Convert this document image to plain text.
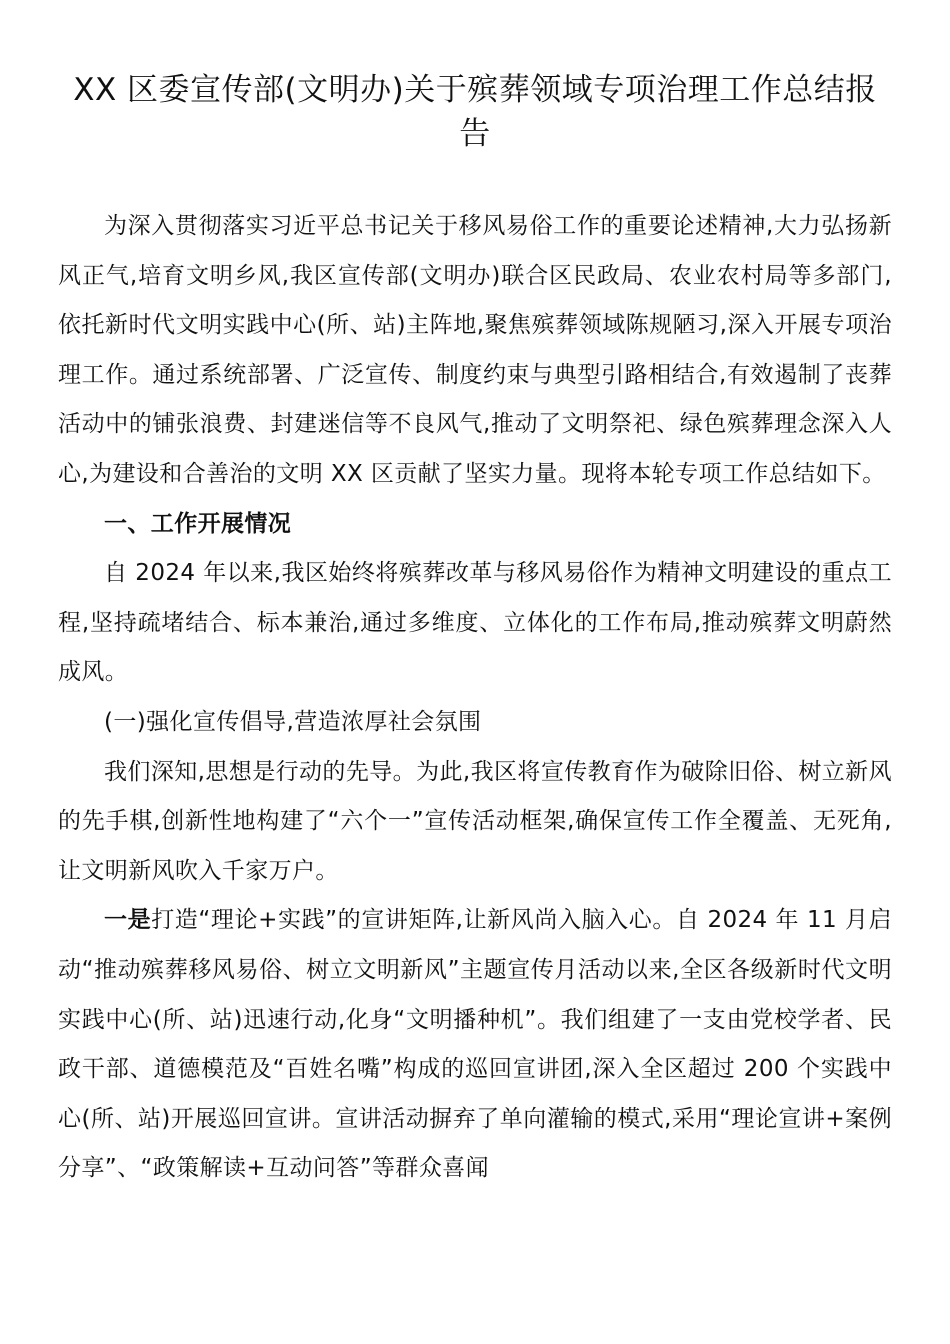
XX 区委宣传部(文明办)关于殡葬领域专项治理工作总结报告

为深入贯彻落实习近平总书记关于移风易俗工作的重要论述精神,大力弘扬新风正气,培育文明乡风,我区宣传部(文明办)联合区民政局、农业农村局等多部门,依托新时代文明实践中心(所、站)主阵地,聚焦殡葬领域陈规陋习,深入开展专项治理工作。通过系统部署、广泛宣传、制度约束与典型引路相结合,有效遏制了丧葬活动中的铺张浪费、封建迷信等不良风气,推动了文明祭祀、绿色殡葬理念深入人心,为建设和合善治的文明 XX 区贡献了坚实力量。现将本轮专项工作总结如下。

一、工作开展情况

自 2024 年以来,我区始终将殡葬改革与移风易俗作为精神文明建设的重点工程,坚持疏堵结合、标本兼治,通过多维度、立体化的工作布局,推动殡葬文明蔚然成风。

(一)强化宣传倡导,营造浓厚社会氛围

我们深知,思想是行动的先导。为此,我区将宣传教育作为破除旧俗、树立新风的先手棋,创新性地构建了“六个一”宣传活动框架,确保宣传工作全覆盖、无死角,让文明新风吹入千家万户。

一是打造“理论+实践”的宣讲矩阵,让新风尚入脑入心。自 2024 年 11 月启动“推动殡葬移风易俗、树立文明新风”主题宣传月活动以来,全区各级新时代文明实践中心(所、站)迅速行动,化身“文明播种机”。我们组建了一支由党校学者、民政干部、道德模范及“百姓名嘴”构成的巡回宣讲团,深入全区超过 200 个实践中心(所、站)开展巡回宣讲。宣讲活动摒弃了单向灌输的模式,采用“理论宣讲+案例分享”、“政策解读+互动问答”等群众喜闻
